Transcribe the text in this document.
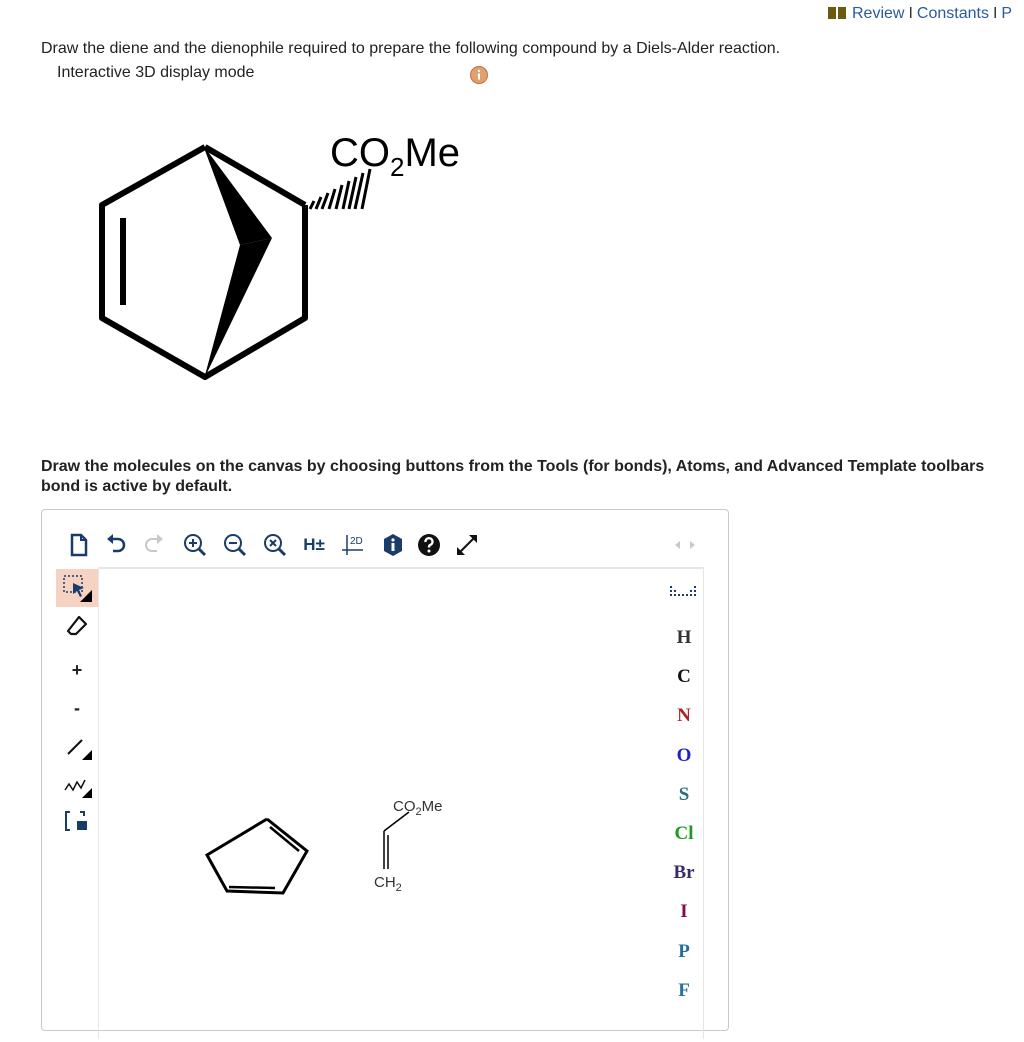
Review I Constants I P
Draw the diene and the dienophile required to prepare the following compound by a Diels-Alder reaction.
Interactive 3D display mode
$CO_2Me$
Draw the molecules on the canvas by choosing buttons from the Tools (for bonds), Atoms, and Advanced Template toolbars
bond is active by default.
H±	2D
+
-
$CO_2Me$
$CH_2$
H
C
N
O
S
Cl
Br
I
P
F
